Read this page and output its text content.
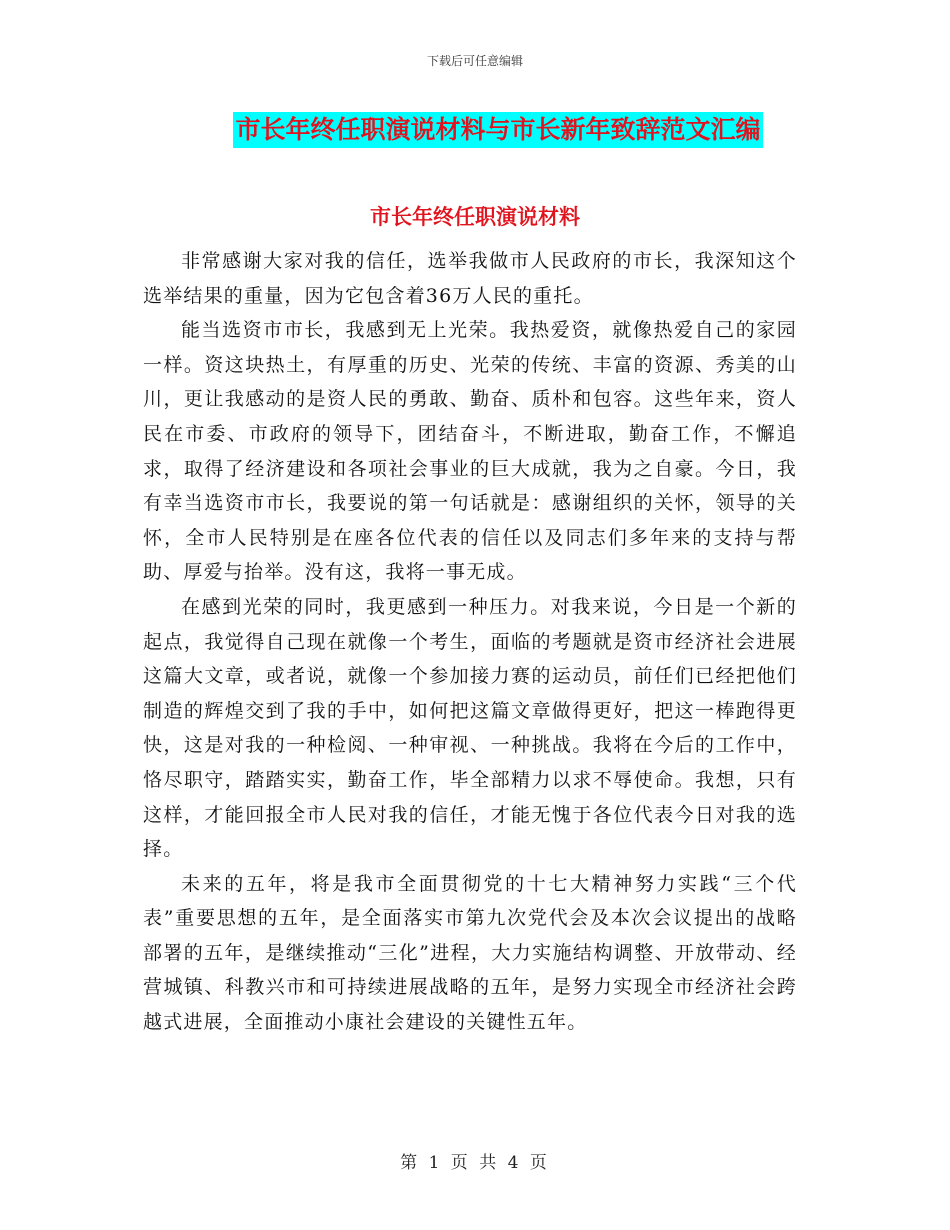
下载后可任意编辑
市长年终任职演说材料与市长新年致辞范文汇编
市长年终任职演说材料

非常感谢大家对我的信任，选举我做市人民政府的市长，我深知这个选举结果的重量，因为它包含着36万人民的重托。

能当选资市市长，我感到无上光荣。我热爱资，就像热爱自己的家园一样。资这块热土，有厚重的历史、光荣的传统、丰富的资源、秀美的山川，更让我感动的是资人民的勇敢、勤奋、质朴和包容。这些年来，资人民在市委、市政府的领导下，团结奋斗，不断进取，勤奋工作，不懈追求，取得了经济建设和各项社会事业的巨大成就，我为之自豪。今日，我有幸当选资市市长，我要说的第一句话就是：感谢组织的关怀，领导的关怀，全市人民特别是在座各位代表的信任以及同志们多年来的支持与帮助、厚爱与抬举。没有这，我将一事无成。

在感到光荣的同时，我更感到一种压力。对我来说，今日是一个新的起点，我觉得自己现在就像一个考生，面临的考题就是资市经济社会进展这篇大文章，或者说，就像一个参加接力赛的运动员，前任们已经把他们制造的辉煌交到了我的手中，如何把这篇文章做得更好，把这一棒跑得更快，这是对我的一种检阅、一种审视、一种挑战。我将在今后的工作中，恪尽职守，踏踏实实，勤奋工作，毕全部精力以求不辱使命。我想，只有这样，才能回报全市人民对我的信任，才能无愧于各位代表今日对我的选择。

未来的五年，将是我市全面贯彻党的十七大精神努力实践“三个代表”重要思想的五年，是全面落实市第九次党代会及本次会议提出的战略部署的五年，是继续推动“三化”进程，大力实施结构调整、开放带动、经营城镇、科教兴市和可持续进展战略的五年，是努力实现全市经济社会跨越式进展，全面推动小康社会建设的关键性五年。

第 1 页 共 4 页
